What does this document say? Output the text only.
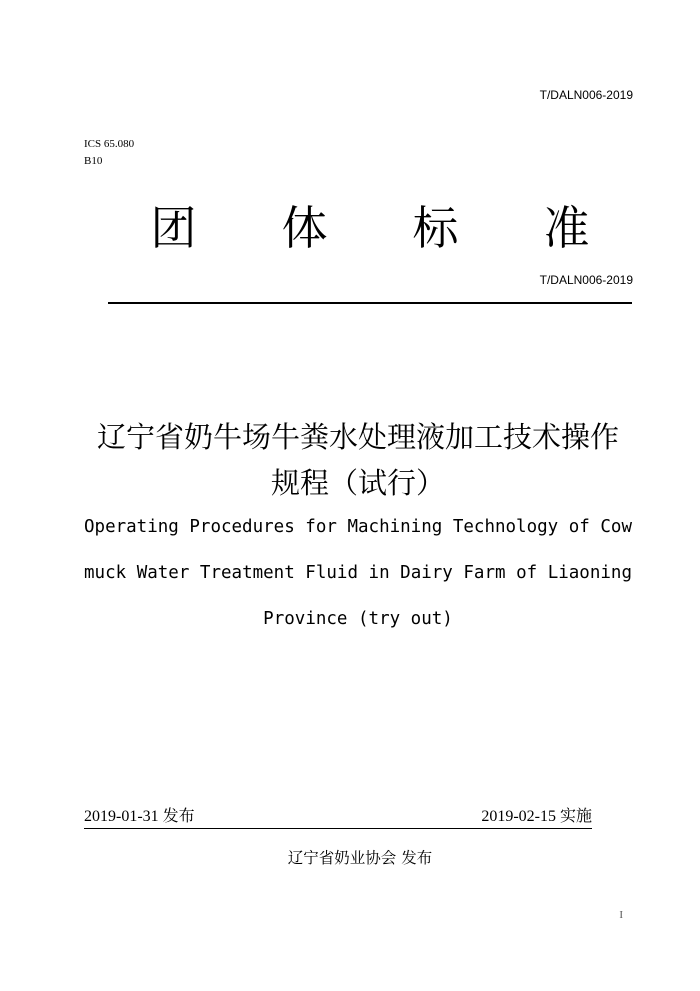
T/DALN006-2019
ICS 65.080
B10
团 体 标 准
T/DALN006-2019
辽宁省奶牛场牛粪水处理液加工技术操作规程（试行）
Operating Procedures for Machining Technology of Cow muck Water Treatment Fluid in Dairy Farm of Liaoning Province (try out)
2019-01-31 发布	2019-02-15 实施
辽宁省奶业协会 发布
I
